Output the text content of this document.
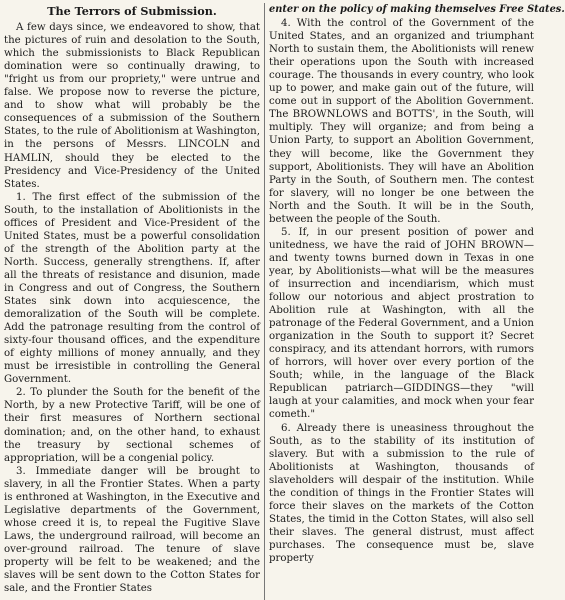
The Terrors of Submission.

A few days since, we endeavored to show, that the pictures of ruin and desolation to the South, which the submissionists to Black Republican domination were so continually drawing, to "fright us from our propriety," were untrue and false. We propose now to reverse the picture, and to show what will probably be the consequences of a submission of the Southern States, to the rule of Abolitionism at Washington, in the persons of Messrs. LINCOLN and HAMLIN, should they be elected to the Presidency and Vice-Presidency of the United States.

1. The first effect of the submission of the South, to the installation of Abolitionists in the offices of President and Vice-President of the United States, must be a powerful consolidation of the strength of the Abolition party at the North. Success, generally strengthens. If, after all the threats of resistance and disunion, made in Congress and out of Congress, the Southern States sink down into acquiescence, the demoralization of the South will be complete. Add the patronage resulting from the control of sixty-four thousand offices, and the expenditure of eighty millions of money annually, and they must be irresistible in controlling the General Government.

2. To plunder the South for the benefit of the North, by a new Protective Tariff, will be one of their first measures of Northern sectional domination; and, on the other hand, to exhaust the treasury by sectional schemes of appropriation, will be a congenial policy.

3. Immediate danger will be brought to slavery, in all the Frontier States. When a party is enthroned at Washington, in the Executive and Legislative departments of the Government, whose creed it is, to repeal the Fugitive Slave Laws, the underground railroad, will become an over-ground railroad. The tenure of slave property will be felt to be weakened; and the slaves will be sent down to the Cotton States for sale, and the Frontier States

enter on the policy of making themselves Free States.

4. With the control of the Government of the United States, and an organized and triumphant North to sustain them, the Abolitionists will renew their operations upon the South with increased courage. The thousands in every country, who look up to power, and make gain out of the future, will come out in support of the Abolition Government. The BROWNLOWS and BOTTS', in the South, will multiply. They will organize; and from being a Union Party, to support an Abolition Government, they will become, like the Government they support, Abolitionists. They will have an Abolition Party in the South, of Southern men. The contest for slavery, will no longer be one between the North and the South. It will be in the South, between the people of the South.

5. If, in our present position of power and unitedness, we have the raid of JOHN BROWN—and twenty towns burned down in Texas in one year, by Abolitionists—what will be the measures of insurrection and incendiarism, which must follow our notorious and abject prostration to Abolition rule at Washington, with all the patronage of the Federal Government, and a Union organization in the South to support it? Secret conspiracy, and its attendant horrors, with rumors of horrors, will hover over every portion of the South; while, in the language of the Black Republican patriarch—GIDDINGS—they "will laugh at your calamities, and mock when your fear cometh."

6. Already there is uneasiness throughout the South, as to the stability of its institution of slavery. But with a submission to the rule of Abolitionists at Washington, thousands of slaveholders will despair of the institution. While the condition of things in the Frontier States will force their slaves on the markets of the Cotton States, the timid in the Cotton States, will also sell their slaves. The general distrust, must affect purchases. The consequence must be, slave property
